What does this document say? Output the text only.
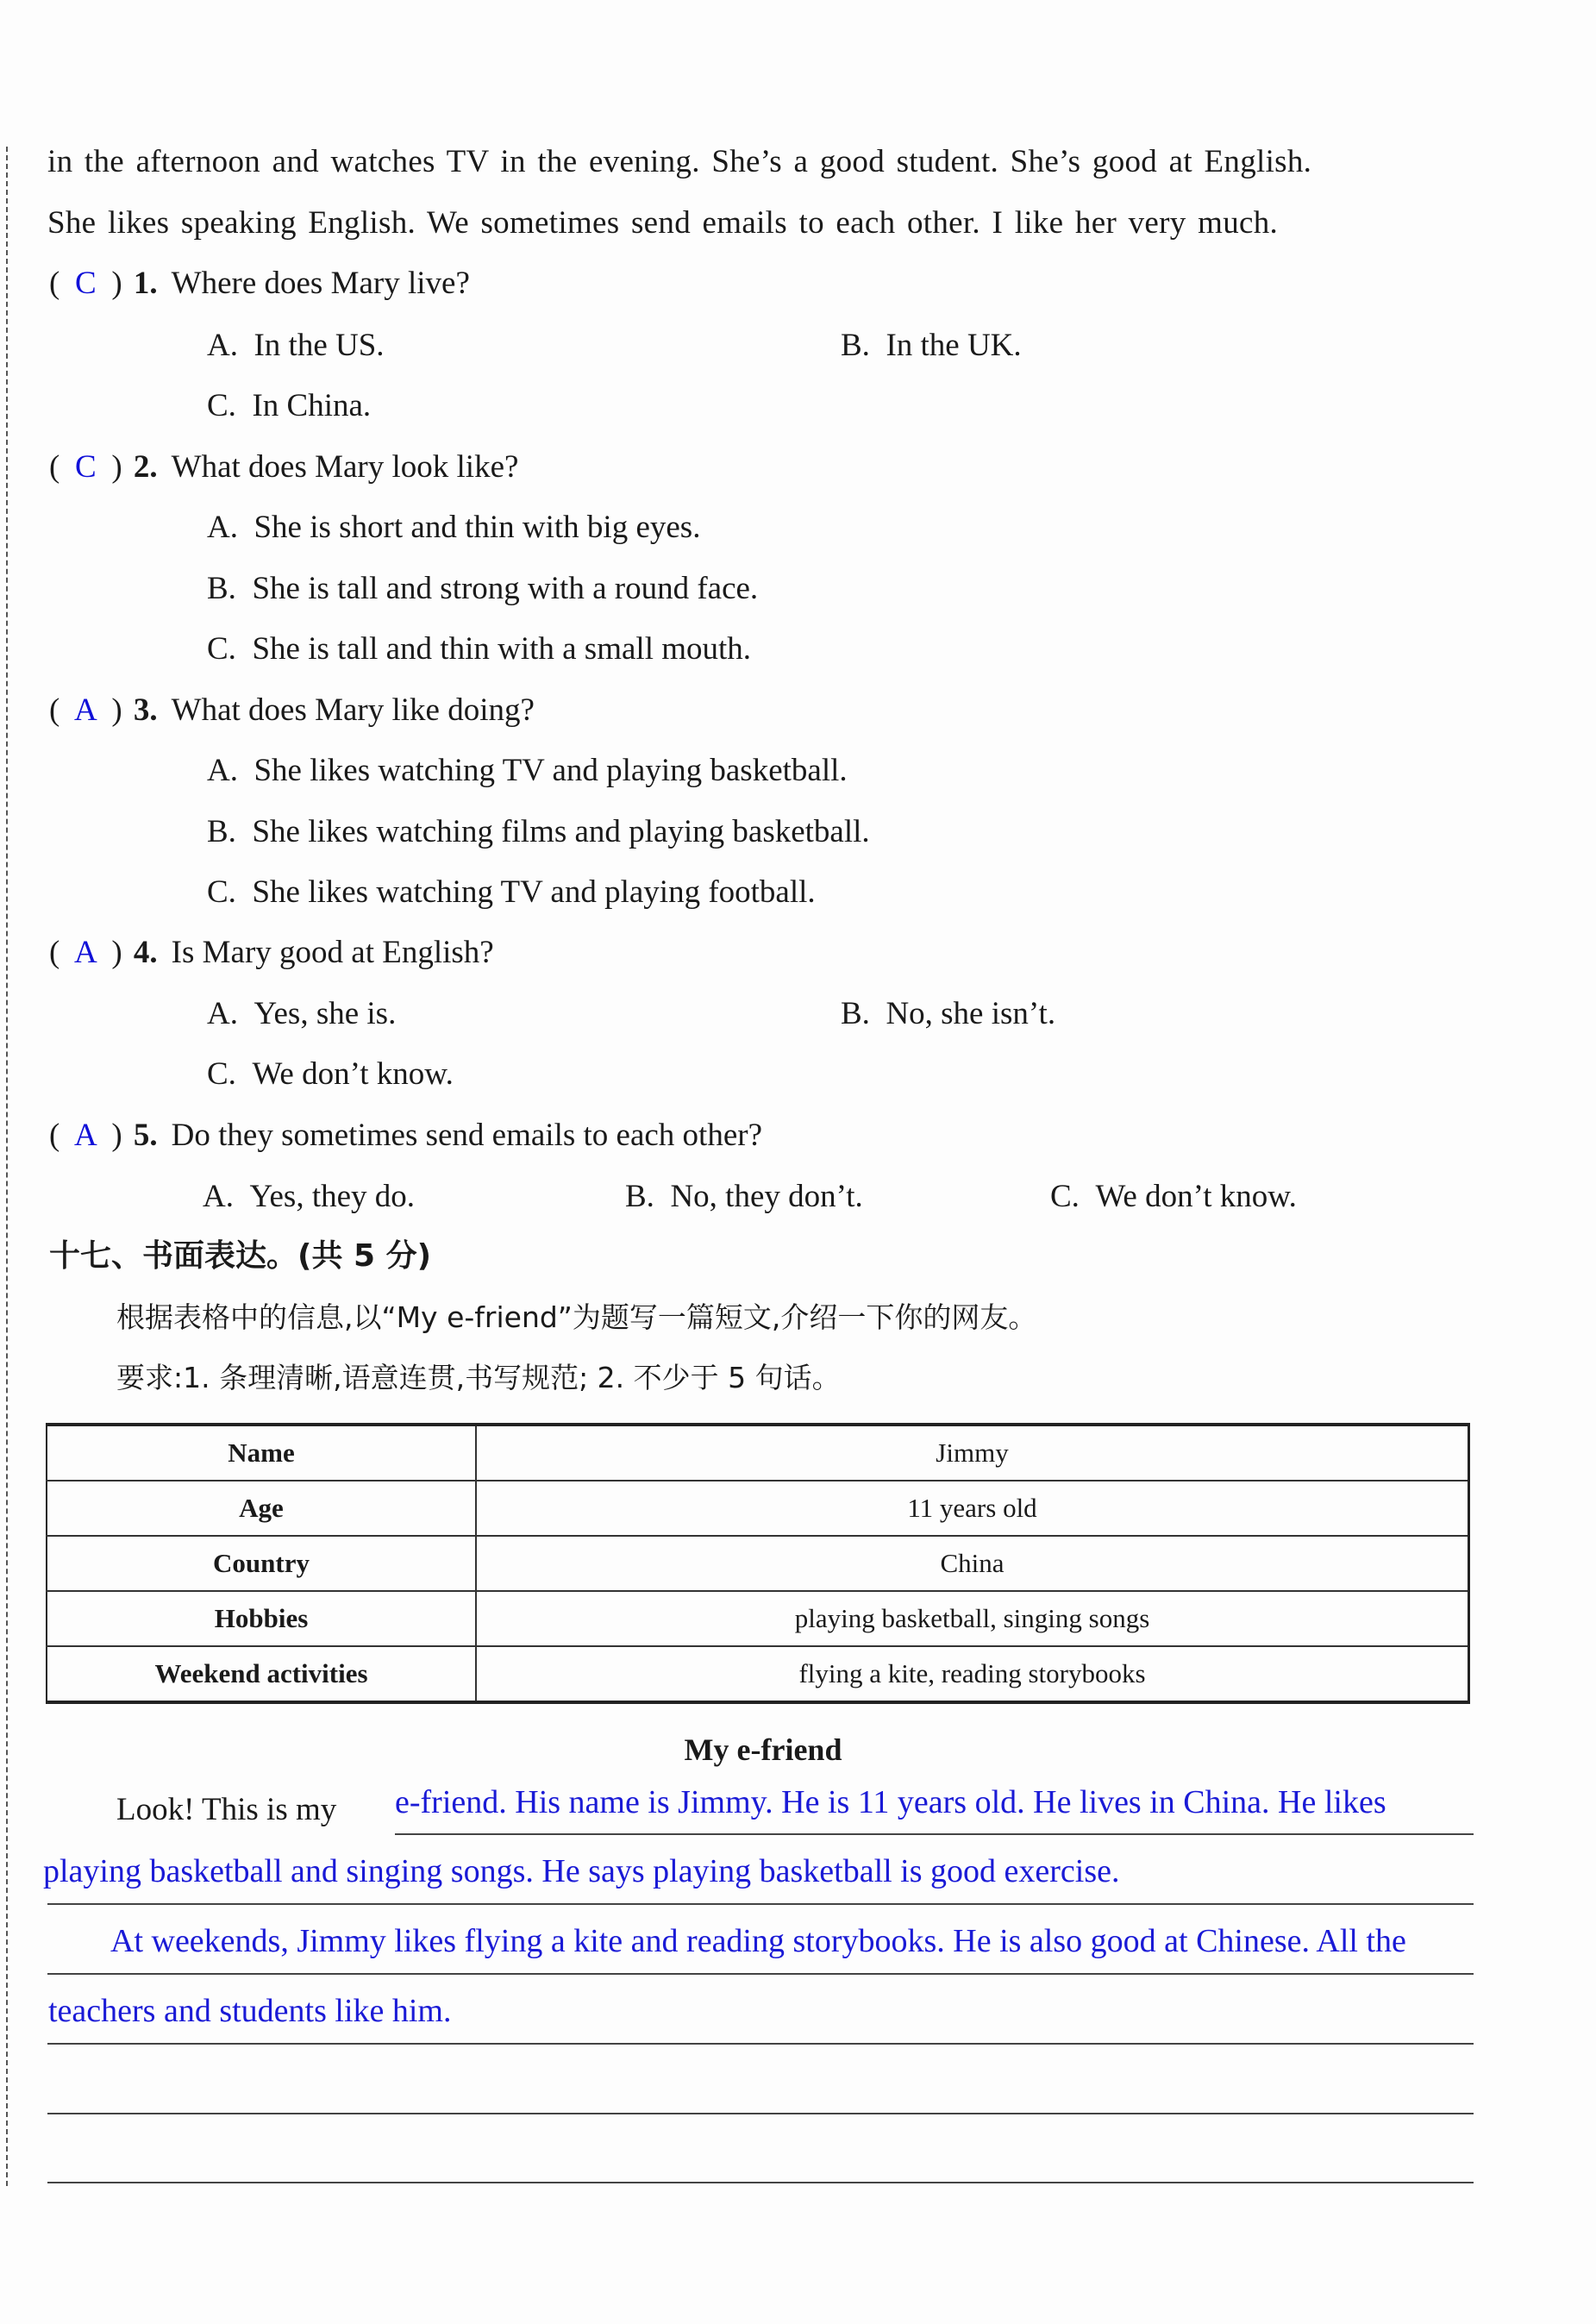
in the afternoon and watches TV in the evening. She’s a good student. She’s good at English.
She likes speaking English. We sometimes send emails to each other. I like her very much.
( C ) 1. Where does Mary live?
A. In the US.	B. In the UK.
C. In China.
( C ) 2. What does Mary look like?
A. She is short and thin with big eyes.
B. She is tall and strong with a round face.
C. She is tall and thin with a small mouth.
( A ) 3. What does Mary like doing?
A. She likes watching TV and playing basketball.
B. She likes watching films and playing basketball.
C. She likes watching TV and playing football.
( A ) 4. Is Mary good at English?
A. Yes, she is.	B. No, she isn’t.
C. We don’t know.
( A ) 5. Do they sometimes send emails to each other?
A. Yes, they do.	B. No, they don’t.	C. We don’t know.
十七、书面表达。(共 5 分)
根据表格中的信息,以“My e-friend”为题写一篇短文,介绍一下你的网友。
要求:1. 条理清晰,语意连贯,书写规范; 2. 不少于 5 句话。
Name	Jimmy
Age	11 years old
Country	China
Hobbies	playing basketball, singing songs
Weekend activities	flying a kite, reading storybooks
My e-friend
Look! This is my e-friend. His name is Jimmy. He is 11 years old. He lives in China. He likes
playing basketball and singing songs. He says playing basketball is good exercise.
At weekends, Jimmy likes flying a kite and reading storybooks. He is also good at Chinese. All the
teachers and students like him.
